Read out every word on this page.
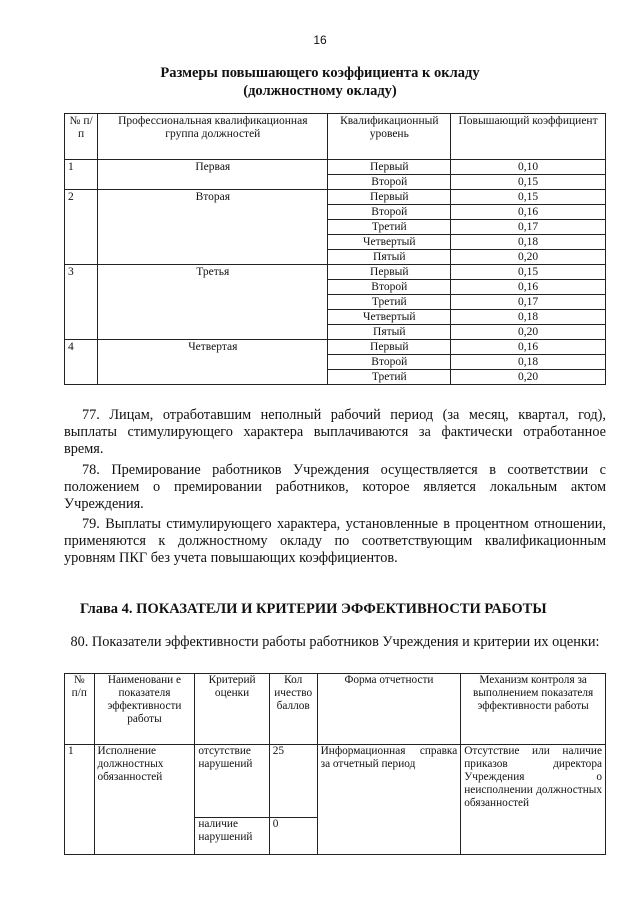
16
Размеры повышающего коэффициента к окладу
(должностному окладу)
№ п/п	Профессиональная квалификационная группа должностей	Квалификационный уровень	Повышающий коэффициент
1	Первая	Первый	0,10
		Второй	0,15
2	Вторая	Первый	0,15
		Второй	0,16
		Третий	0,17
		Четвертый	0,18
		Пятый	0,20
3	Третья	Первый	0,15
		Второй	0,16
		Третий	0,17
		Четвертый	0,18
		Пятый	0,20
4	Четвертая	Первый	0,16
		Второй	0,18
		Третий	0,20

77. Лицам, отработавшим неполный рабочий период (за месяц, квартал, год), выплаты стимулирующего характера выплачиваются за фактически отработанное время.

78. Премирование работников Учреждения осуществляется в соответствии с положением о премировании работников, которое является локальным актом Учреждения.

79. Выплаты стимулирующего характера, установленные в процентном отношении, применяются к должностному окладу по соответствующим квалификационным уровням ПКГ без учета повышающих коэффициентов.

Глава 4. ПОКАЗАТЕЛИ И КРИТЕРИИ ЭФФЕКТИВНОСТИ РАБОТЫ

80. Показатели эффективности работы работников Учреждения и критерии их оценки:

№ п/п	Наименовани е показателя эффективности работы	Критерий оценки	Кол ичество баллов	Форма отчетности	Механизм контроля за выполнением показателя эффективности работы
1	Исполнение должностных обязанностей	отсутствие нарушений	25	Информационная справка за отчетный период	Отсутствие или наличие приказов директора Учреждения о неисполнении должностных обязанностей
		наличие нарушений	0		
